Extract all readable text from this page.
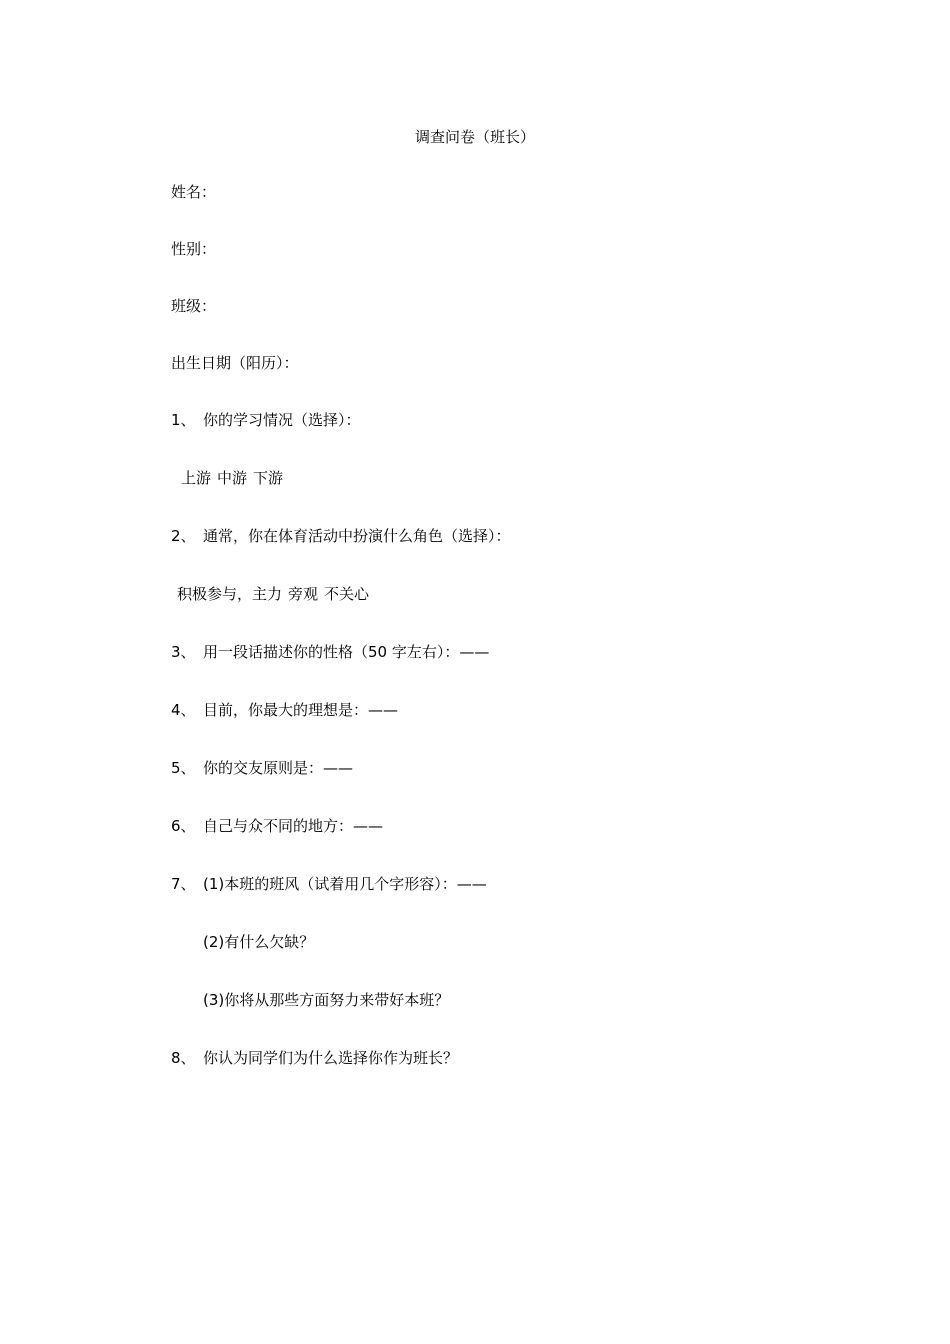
调查问卷（班长）
姓名：
性别：
班级：
出生日期（阳历）：
1、 你的学习情况（选择）：
上游 中游 下游
2、 通常，你在体育活动中扮演什么角色（选择）：
积极参与，主力 旁观 不关心
3、 用一段话描述你的性格（50 字左右）：——
4、 目前，你最大的理想是：——
5、 你的交友原则是：——
6、 自己与众不同的地方：——
7、 (1)本班的班风（试着用几个字形容）：——
(2)有什么欠缺？
(3)你将从那些方面努力来带好本班？
8、 你认为同学们为什么选择你作为班长？
